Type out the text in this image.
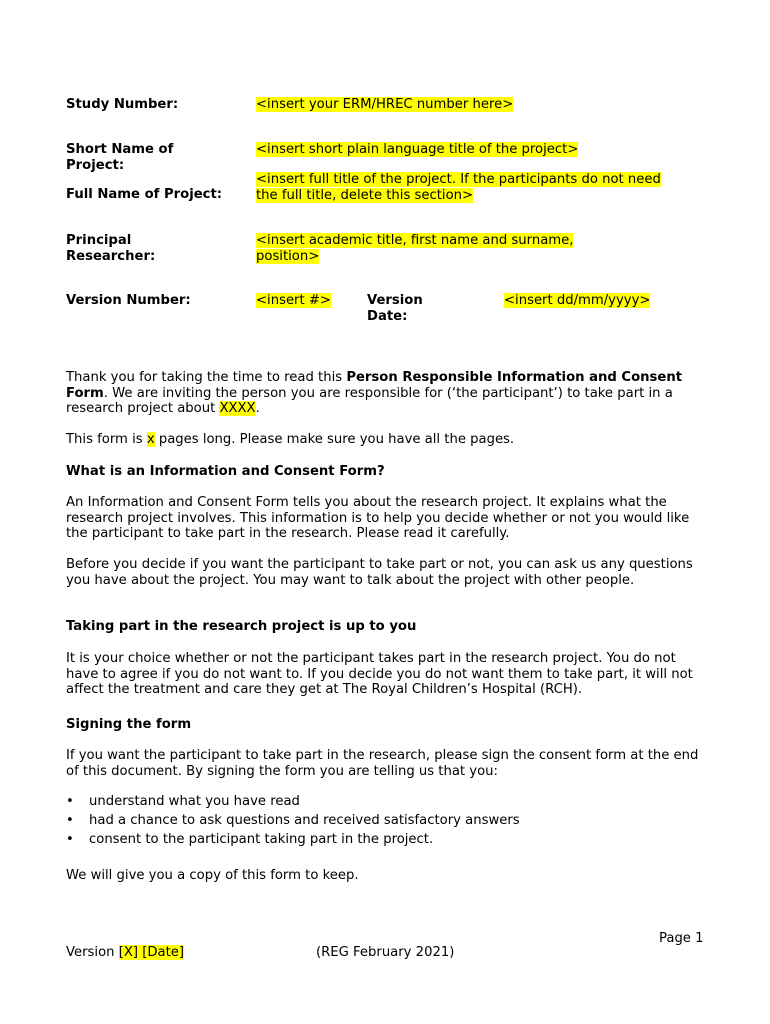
Study Number:	<insert your ERM/HREC number here>
Short Name of Project:
<insert short plain language title of the project>
Full Name of Project:
<insert full title of the project. If the participants do not need the full title, delete this section>
Principal Researcher:
<insert academic title, first name and surname, position>
Version Number:	<insert #>	Version Date:
<insert dd/mm/yyyy>

Thank you for taking the time to read this Person Responsible Information and Consent Form. We are inviting the person you are responsible for (‘the participant’) to take part in a research project about XXXX.

This form is x pages long. Please make sure you have all the pages.

What is an Information and Consent Form?

An Information and Consent Form tells you about the research project. It explains what the research project involves. This information is to help you decide whether or not you would like the participant to take part in the research. Please read it carefully.

Before you decide if you want the participant to take part or not, you can ask us any questions you have about the project. You may want to talk about the project with other people.

Taking part in the research project is up to you

It is your choice whether or not the participant takes part in the research project. You do not have to agree if you do not want to. If you decide you do not want them to take part, it will not affect the treatment and care they get at The Royal Children’s Hospital (RCH).

Signing the form

If you want the participant to take part in the research, please sign the consent form at the end of this document. By signing the form you are telling us that you:

• understand what you have read
• had a chance to ask questions and received satisfactory answers
• consent to the participant taking part in the project.

We will give you a copy of this form to keep.

Page 1
Version [X] [Date]	(REG February 2021)
